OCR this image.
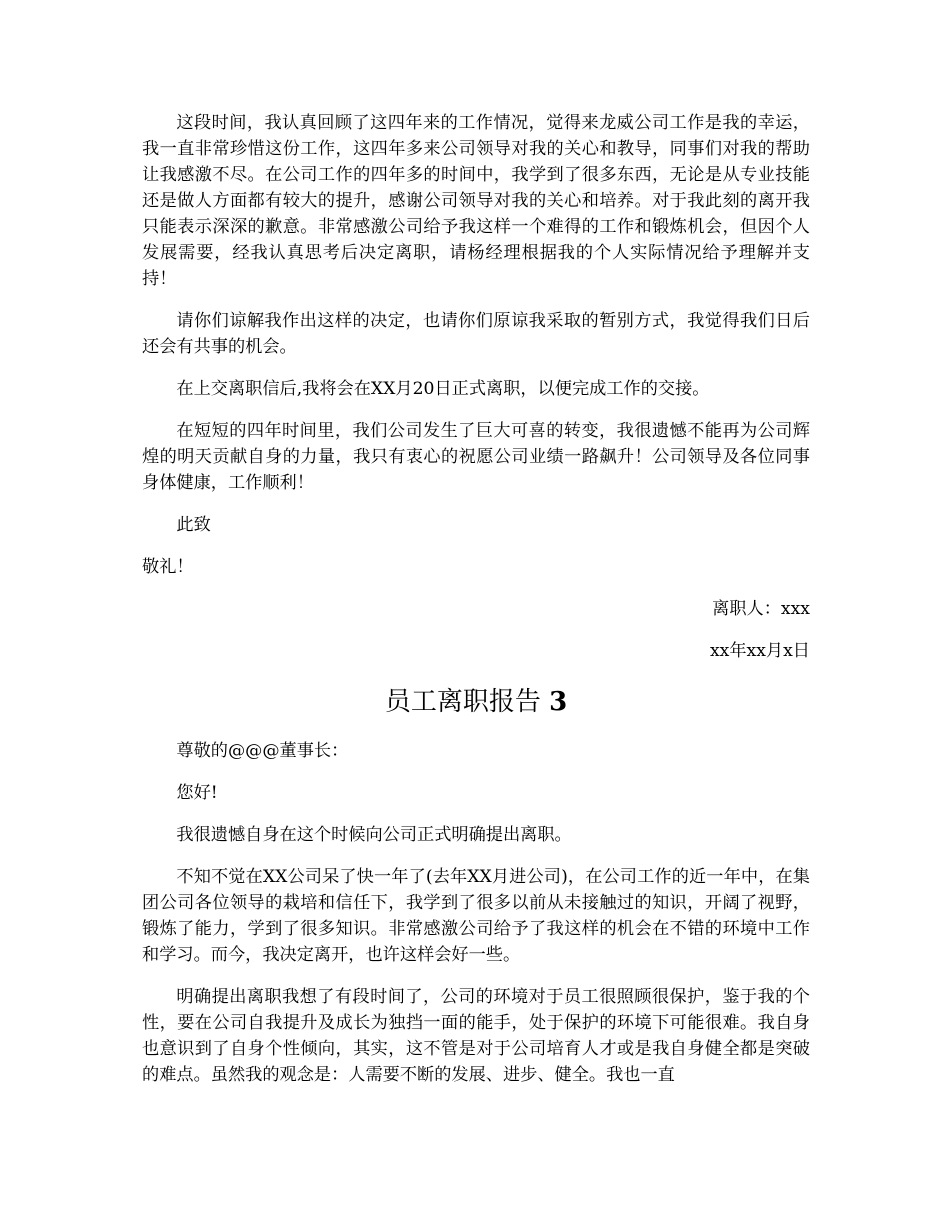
这段时间，我认真回顾了这四年来的工作情况，觉得来龙威公司工作是我的幸运，我一直非常珍惜这份工作，这四年多来公司领导对我的关心和教导，同事们对我的帮助让我感激不尽。在公司工作的四年多的时间中，我学到了很多东西，无论是从专业技能还是做人方面都有较大的提升，感谢公司领导对我的关心和培养。对于我此刻的离开我只能表示深深的歉意。非常感激公司给予我这样一个难得的工作和锻炼机会，但因个人发展需要，经我认真思考后决定离职，请杨经理根据我的个人实际情况给予理解并支持！

请你们谅解我作出这样的决定，也请你们原谅我采取的暂别方式，我觉得我们日后还会有共事的机会。

在上交离职信后,我将会在XX月20日正式离职，以便完成工作的交接。

在短短的四年时间里，我们公司发生了巨大可喜的转变，我很遗憾不能再为公司辉煌的明天贡献自身的力量，我只有衷心的祝愿公司业绩一路飙升！公司领导及各位同事身体健康，工作顺利！

此致

敬礼！

离职人：xxx

xx年xx月x日

员工离职报告 3

尊敬的@@@董事长：

您好!

我很遗憾自身在这个时候向公司正式明确提出离职。

不知不觉在XX公司呆了快一年了(去年XX月进公司)，在公司工作的近一年中，在集团公司各位领导的栽培和信任下，我学到了很多以前从未接触过的知识，开阔了视野，锻炼了能力，学到了很多知识。非常感激公司给予了我这样的机会在不错的环境中工作和学习。而今，我决定离开，也许这样会好一些。

明确提出离职我想了有段时间了，公司的环境对于员工很照顾很保护，鉴于我的个性，要在公司自我提升及成长为独挡一面的能手，处于保护的环境下可能很难。我自身也意识到了自身个性倾向，其实，这不管是对于公司培育人才或是我自身健全都是突破的难点。虽然我的观念是：人需要不断的发展、进步、健全。我也一直
